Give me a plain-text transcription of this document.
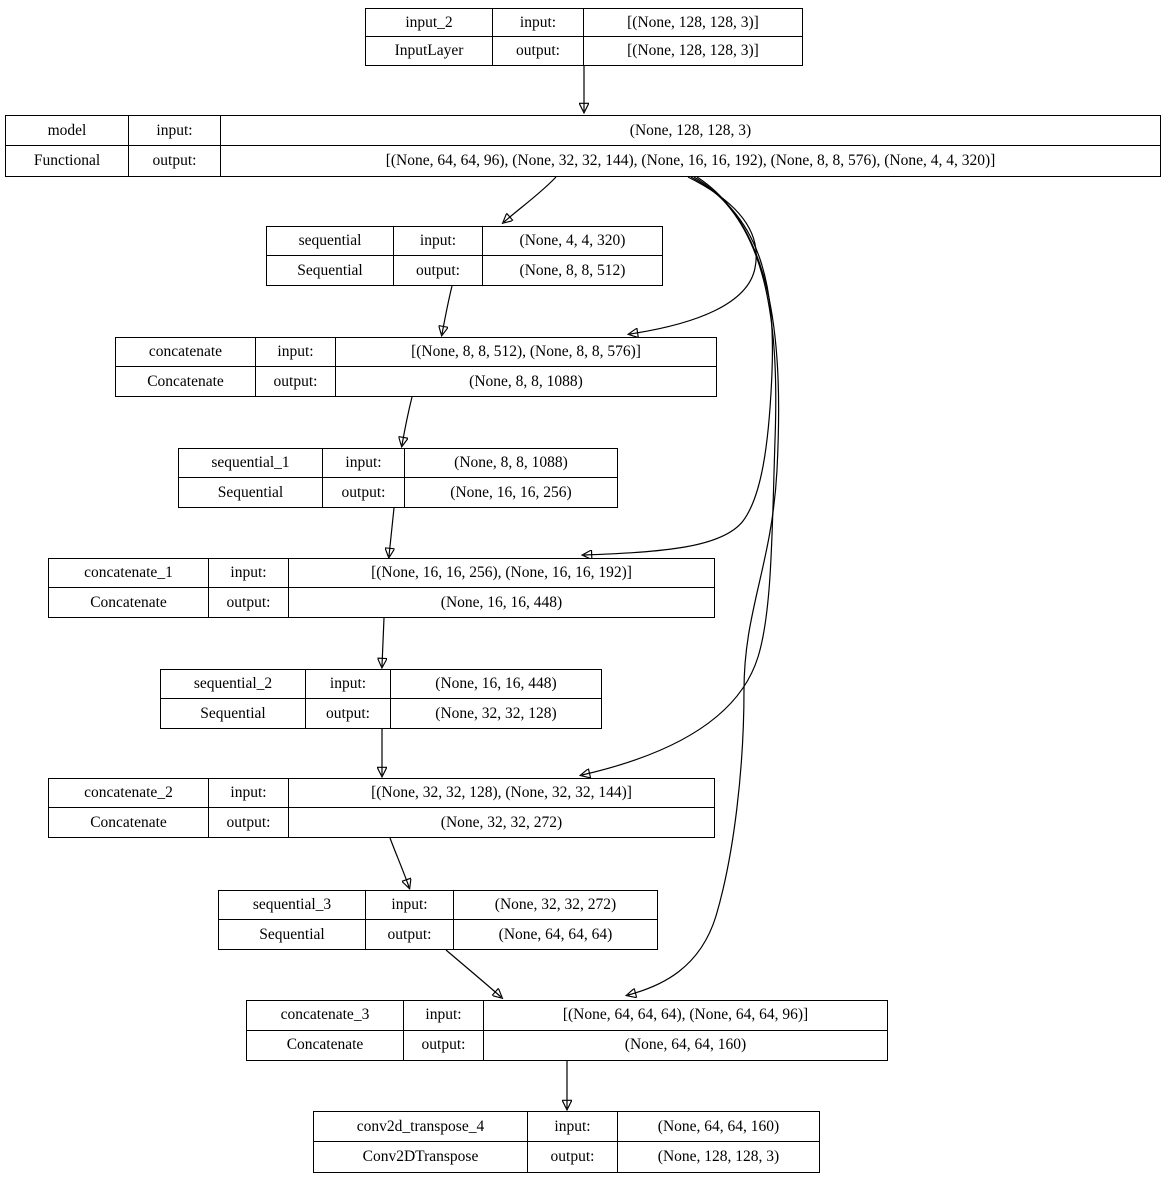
input_2	input:	[(None, 128, 128, 3)]
InputLayer	output:	[(None, 128, 128, 3)]
model	input:	(None, 128, 128, 3)
Functional	output:	[(None, 64, 64, 96), (None, 32, 32, 144), (None, 16, 16, 192), (None, 8, 8, 576), (None, 4, 4, 320)]
sequential	input:	(None, 4, 4, 320)
Sequential	output:	(None, 8, 8, 512)
concatenate	input:	[(None, 8, 8, 512), (None, 8, 8, 576)]
Concatenate	output:	(None, 8, 8, 1088)
sequential_1	input:	(None, 8, 8, 1088)
Sequential	output:	(None, 16, 16, 256)
concatenate_1	input:	[(None, 16, 16, 256), (None, 16, 16, 192)]
Concatenate	output:	(None, 16, 16, 448)
sequential_2	input:	(None, 16, 16, 448)
Sequential	output:	(None, 32, 32, 128)
concatenate_2	input:	[(None, 32, 32, 128), (None, 32, 32, 144)]
Concatenate	output:	(None, 32, 32, 272)
sequential_3	input:	(None, 32, 32, 272)
Sequential	output:	(None, 64, 64, 64)
concatenate_3	input:	[(None, 64, 64, 64), (None, 64, 64, 96)]
Concatenate	output:	(None, 64, 64, 160)
conv2d_transpose_4	input:	(None, 64, 64, 160)
Conv2DTranspose	output:	(None, 128, 128, 3)
